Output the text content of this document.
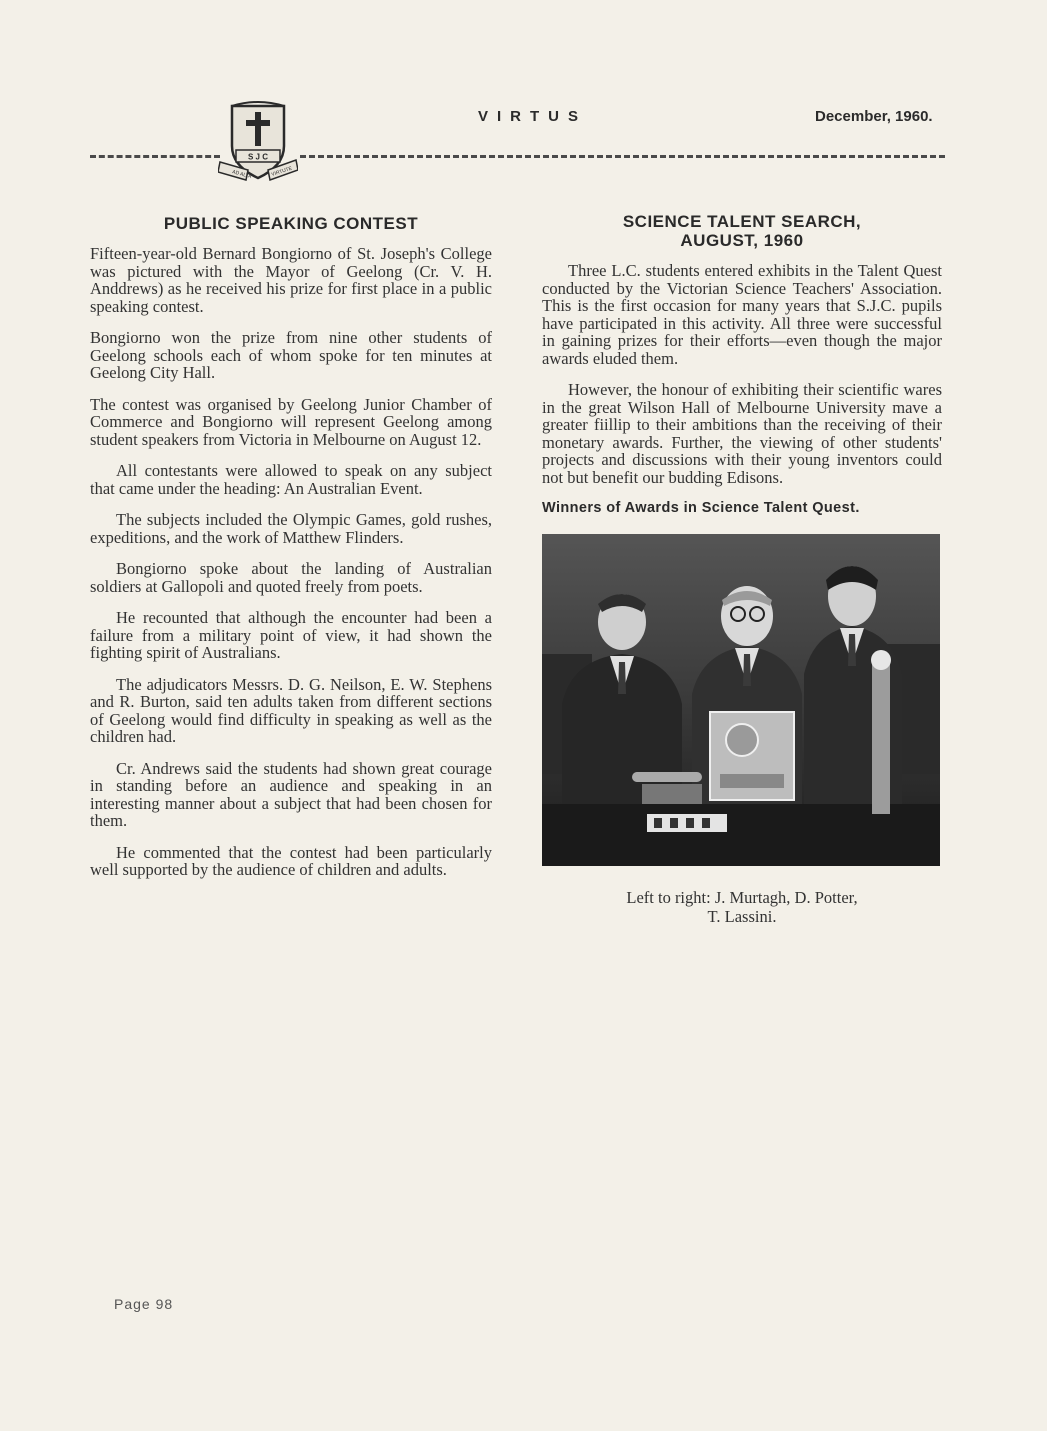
S J C
AD ALTA	VIRTUTE
VIRTUS	December, 1960.
PUBLIC SPEAKING CONTEST

Fifteen-year-old Bernard Bongiorno of St. Joseph's College was pictured with the Mayor of Geelong (Cr. V. H. Anddrews) as he received his prize for first place in a public speaking contest.

Bongiorno won the prize from nine other students of Geelong schools each of whom spoke for ten minutes at Geelong City Hall.

The contest was organised by Geelong Junior Chamber of Commerce and Bongiorno will represent Geelong among student speakers from Victoria in Melbourne on August 12.

All contestants were allowed to speak on any subject that came under the heading: An Australian Event.

The subjects included the Olympic Games, gold rushes, expeditions, and the work of Matthew Flinders.

Bongiorno spoke about the landing of Australian soldiers at Gallopoli and quoted freely from poets.

He recounted that although the encounter had been a failure from a military point of view, it had shown the fighting spirit of Australians.

The adjudicators Messrs. D. G. Neilson, E. W. Stephens and R. Burton, said ten adults taken from different sections of Geelong would find difficulty in speaking as well as the children had.

Cr. Andrews said the students had shown great courage in standing before an audience and speaking in an interesting manner about a subject that had been chosen for them.

He commented that the contest had been particularly well supported by the audience of children and adults.

SCIENCE TALENT SEARCH,
AUGUST, 1960

Three L.C. students entered exhibits in the Talent Quest conducted by the Victorian Science Teachers' Association. This is the first occasion for many years that S.J.C. pupils have participated in this activity. All three were successful in gaining prizes for their efforts—even though the major awards eluded them.

However, the honour of exhibiting their scientific wares in the great Wilson Hall of Melbourne University mave a greater fiillip to their ambitions than the receiving of their monetary awards. Further, the viewing of other students' projects and discussions with their young inventors could not but benefit our budding Edisons.

Winners of Awards in Science Talent Quest.
Left to right: J. Murtagh, D. Potter,
T. Lassini.
Page 98
